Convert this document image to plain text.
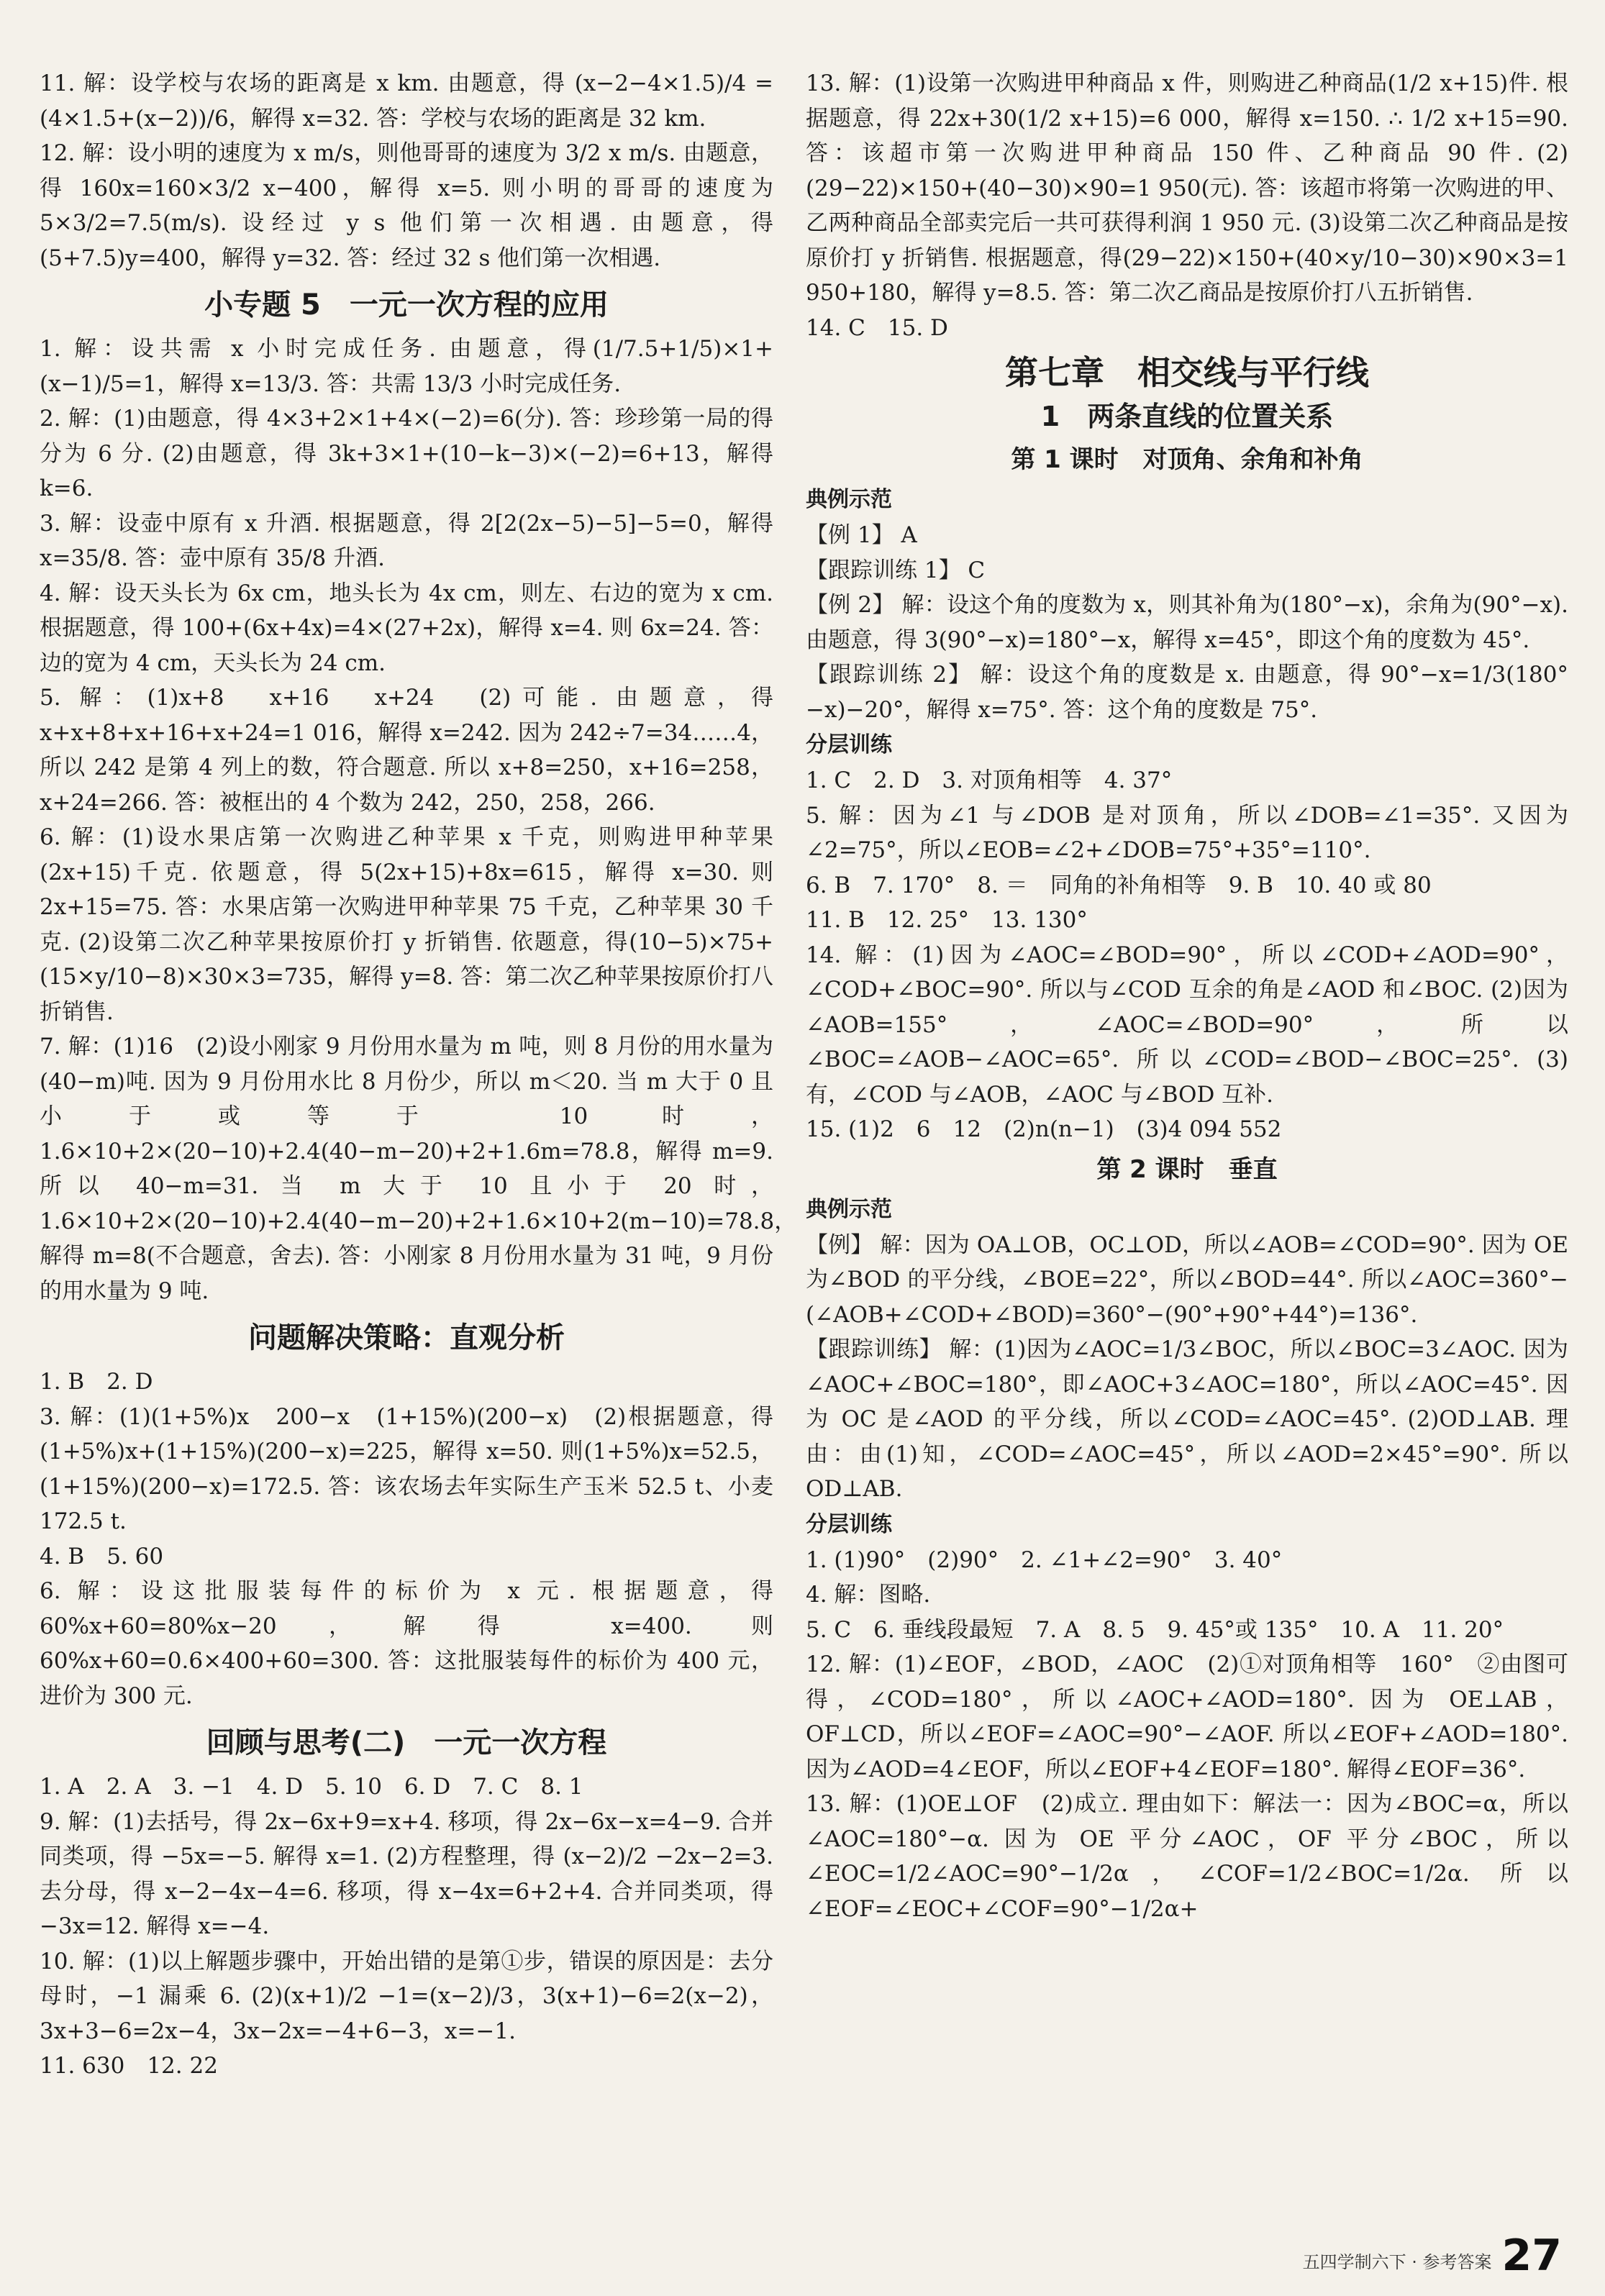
11. 解：设学校与农场的距离是 x km. 由题意，得 (x−2−4×1.5)/4 = (4×1.5+(x−2))/6，解得 x=32. 答：学校与农场的距离是 32 km.
12. 解：设小明的速度为 x m/s，则他哥哥的速度为 3/2 x m/s. 由题意，得 160x=160×3/2 x−400，解得 x=5. 则小明的哥哥的速度为 5×3/2=7.5(m/s). 设经过 y s 他们第一次相遇. 由题意，得(5+7.5)y=400，解得 y=32. 答：经过 32 s 他们第一次相遇.
小专题 5　一元一次方程的应用
1. 解：设共需 x 小时完成任务. 由题意，得(1/7.5+1/5)×1+(x−1)/5=1，解得 x=13/3. 答：共需 13/3 小时完成任务.
2. 解：(1)由题意，得 4×3+2×1+4×(−2)=6(分). 答：珍珍第一局的得分为 6 分. (2)由题意，得 3k+3×1+(10−k−3)×(−2)=6+13，解得 k=6.
3. 解：设壶中原有 x 升酒. 根据题意，得 2[2(2x−5)−5]−5=0，解得 x=35/8. 答：壶中原有 35/8 升酒.
4. 解：设天头长为 6x cm，地头长为 4x cm，则左、右边的宽为 x cm. 根据题意，得 100+(6x+4x)=4×(27+2x)，解得 x=4. 则 6x=24. 答：边的宽为 4 cm，天头长为 24 cm.
5. 解：(1)x+8　x+16　x+24　(2)可能. 由题意，得 x+x+8+x+16+x+24=1 016，解得 x=242. 因为 242÷7=34……4，所以 242 是第 4 列上的数，符合题意. 所以 x+8=250，x+16=258，x+24=266. 答：被框出的 4 个数为 242，250，258，266.
6. 解：(1)设水果店第一次购进乙种苹果 x 千克，则购进甲种苹果(2x+15)千克. 依题意，得 5(2x+15)+8x=615，解得 x=30. 则 2x+15=75. 答：水果店第一次购进甲种苹果 75 千克，乙种苹果 30 千克. (2)设第二次乙种苹果按原价打 y 折销售. 依题意，得(10−5)×75+(15×y/10−8)×30×3=735，解得 y=8. 答：第二次乙种苹果按原价打八折销售.
7. 解：(1)16　(2)设小刚家 9 月份用水量为 m 吨，则 8 月份的用水量为(40−m)吨. 因为 9 月份用水比 8 月份少，所以 m＜20. 当 m 大于 0 且小于或等于 10 时，1.6×10+2×(20−10)+2.4(40−m−20)+2+1.6m=78.8，解得 m=9. 所以 40−m=31. 当 m 大于 10 且小于 20 时，1.6×10+2×(20−10)+2.4(40−m−20)+2+1.6×10+2(m−10)=78.8，解得 m=8(不合题意，舍去). 答：小刚家 8 月份用水量为 31 吨，9 月份的用水量为 9 吨.
问题解决策略：直观分析
1. B　2. D
3. 解：(1)(1+5%)x　200−x　(1+15%)(200−x)　(2)根据题意，得(1+5%)x+(1+15%)(200−x)=225，解得 x=50. 则(1+5%)x=52.5，(1+15%)(200−x)=172.5. 答：该农场去年实际生产玉米 52.5 t、小麦 172.5 t.
4. B　5. 60
6. 解：设这批服装每件的标价为 x 元. 根据题意，得 60%x+60=80%x−20，解得 x=400. 则 60%x+60=0.6×400+60=300. 答：这批服装每件的标价为 400 元，进价为 300 元.
回顾与思考(二)　一元一次方程
1. A　2. A　3. −1　4. D　5. 10　6. D　7. C　8. 1
9. 解：(1)去括号，得 2x−6x+9=x+4. 移项，得 2x−6x−x=4−9. 合并同类项，得 −5x=−5. 解得 x=1. (2)方程整理，得 (x−2)/2 −2x−2=3. 去分母，得 x−2−4x−4=6. 移项，得 x−4x=6+2+4. 合并同类项，得 −3x=12. 解得 x=−4.
10. 解：(1)以上解题步骤中，开始出错的是第①步，错误的原因是：去分母时，−1 漏乘 6. (2)(x+1)/2 −1=(x−2)/3，3(x+1)−6=2(x−2)，3x+3−6=2x−4，3x−2x=−4+6−3，x=−1.
11. 630　12. 22
13. 解：(1)设第一次购进甲种商品 x 件，则购进乙种商品(1/2 x+15)件. 根据题意，得 22x+30(1/2 x+15)=6 000，解得 x=150. ∴ 1/2 x+15=90. 答：该超市第一次购进甲种商品 150 件、乙种商品 90 件. (2)(29−22)×150+(40−30)×90=1 950(元). 答：该超市将第一次购进的甲、乙两种商品全部卖完后一共可获得利润 1 950 元. (3)设第二次乙种商品是按原价打 y 折销售. 根据题意，得(29−22)×150+(40×y/10−30)×90×3=1 950+180，解得 y=8.5. 答：第二次乙商品是按原价打八五折销售.
14. C　15. D
第七章　相交线与平行线
1　两条直线的位置关系
第 1 课时　对顶角、余角和补角
典例示范
【例 1】 A
【跟踪训练 1】 C
【例 2】 解：设这个角的度数为 x，则其补角为(180°−x)，余角为(90°−x). 由题意，得 3(90°−x)=180°−x，解得 x=45°，即这个角的度数为 45°.
【跟踪训练 2】 解：设这个角的度数是 x. 由题意，得 90°−x=1/3(180°−x)−20°，解得 x=75°. 答：这个角的度数是 75°.
分层训练
1. C　2. D　3. 对顶角相等　4. 37°
5. 解：因为∠1 与∠DOB 是对顶角，所以∠DOB=∠1=35°. 又因为∠2=75°，所以∠EOB=∠2+∠DOB=75°+35°=110°.
6. B　7. 170°　8. ＝　同角的补角相等　9. B　10. 40 或 80
11. B　12. 25°　13. 130°
14. 解：(1)因为∠AOC=∠BOD=90°，所以∠COD+∠AOD=90°，∠COD+∠BOC=90°. 所以与∠COD 互余的角是∠AOD 和∠BOC. (2)因为∠AOB=155°，∠AOC=∠BOD=90°，所以∠BOC=∠AOB−∠AOC=65°. 所以∠COD=∠BOD−∠BOC=25°. (3)有，∠COD 与∠AOB，∠AOC 与∠BOD 互补.
15. (1)2　6　12　(2)n(n−1)　(3)4 094 552
第 2 课时　垂直
典例示范
【例】 解：因为 OA⊥OB，OC⊥OD，所以∠AOB=∠COD=90°. 因为 OE 为∠BOD 的平分线，∠BOE=22°，所以∠BOD=44°. 所以∠AOC=360°−(∠AOB+∠COD+∠BOD)=360°−(90°+90°+44°)=136°.
【跟踪训练】 解：(1)因为∠AOC=1/3∠BOC，所以∠BOC=3∠AOC. 因为∠AOC+∠BOC=180°，即∠AOC+3∠AOC=180°，所以∠AOC=45°. 因为 OC 是∠AOD 的平分线，所以∠COD=∠AOC=45°. (2)OD⊥AB. 理由：由(1)知，∠COD=∠AOC=45°，所以∠AOD=2×45°=90°. 所以 OD⊥AB.
分层训练
1. (1)90°　(2)90°　2. ∠1+∠2=90°　3. 40°
4. 解：图略.
5. C　6. 垂线段最短　7. A　8. 5　9. 45°或 135°　10. A　11. 20°
12. 解：(1)∠EOF，∠BOD，∠AOC　(2)①对顶角相等　160°　②由图可得，∠COD=180°，所以∠AOC+∠AOD=180°. 因为 OE⊥AB，OF⊥CD，所以∠EOF=∠AOC=90°−∠AOF. 所以∠EOF+∠AOD=180°. 因为∠AOD=4∠EOF，所以∠EOF+4∠EOF=180°. 解得∠EOF=36°.
13. 解：(1)OE⊥OF　(2)成立. 理由如下：解法一：因为∠BOC=α，所以∠AOC=180°−α. 因为 OE 平分∠AOC，OF 平分∠BOC，所以∠EOC=1/2∠AOC=90°−1/2α，∠COF=1/2∠BOC=1/2α. 所以∠EOF=∠EOC+∠COF=90°−1/2α+
五四学制六下 · 参考答案 27
